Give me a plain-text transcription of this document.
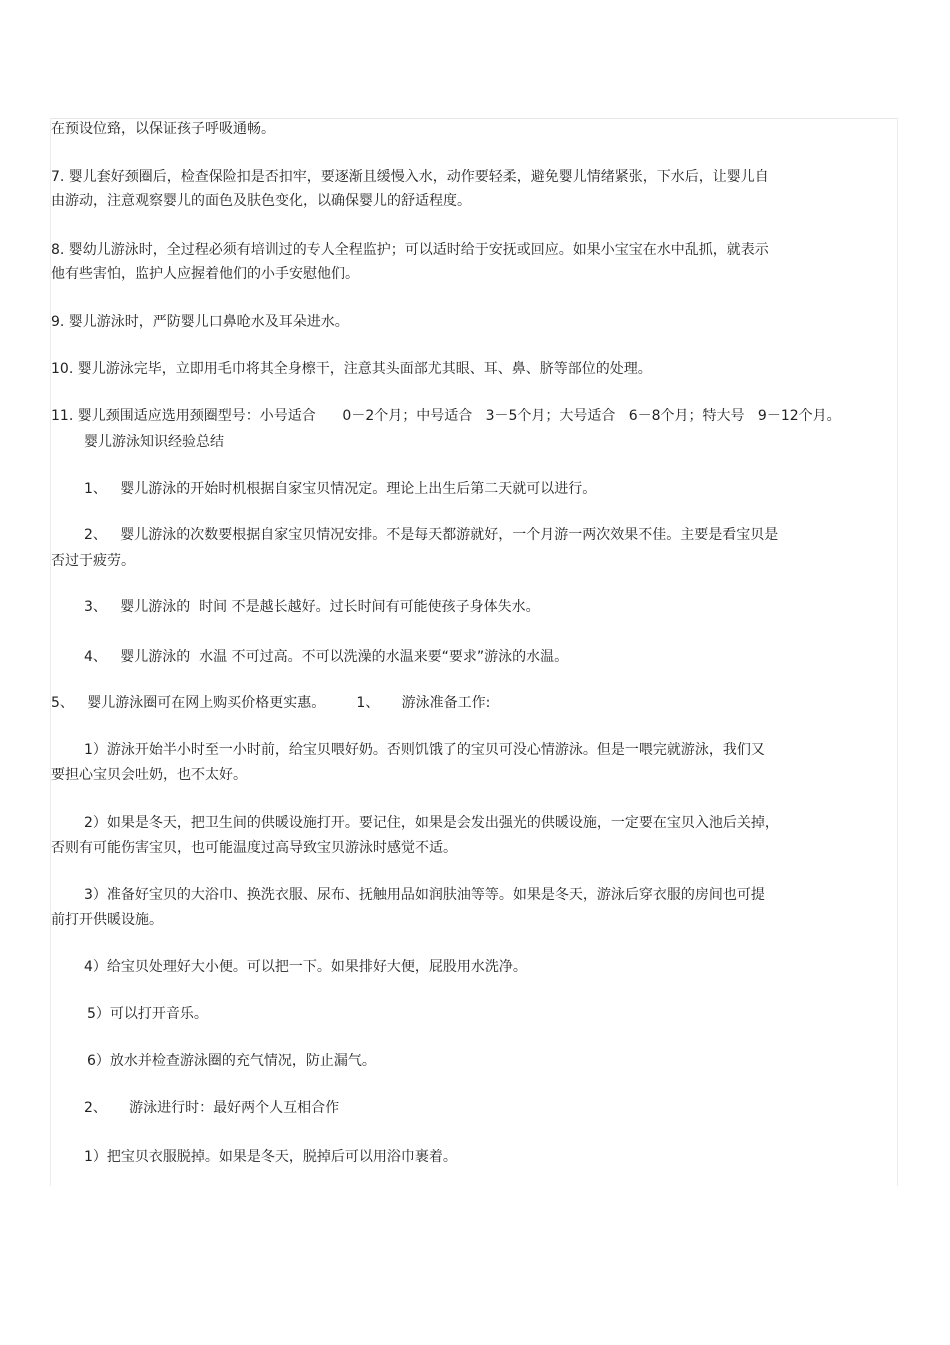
在预设位臵，以保证孩子呼吸通畅。
7. 婴儿套好颈圈后，检查保险扣是否扣牢，要逐渐且缓慢入水，动作要轻柔，避免婴儿情绪紧张，下水后，让婴儿自
由游动，注意观察婴儿的面色及肤色变化，以确保婴儿的舒适程度。
8. 婴幼儿游泳时，全过程必须有培训过的专人全程监护；可以适时给于安抚或回应。如果小宝宝在水中乱抓，就表示
他有些害怕，监护人应握着他们的小手安慰他们。
9. 婴儿游泳时，严防婴儿口鼻呛水及耳朵进水。
10. 婴儿游泳完毕，立即用毛巾将其全身檫干，注意其头面部尤其眼、耳、鼻、脐等部位的处理。
11. 婴儿颈围适应选用颈圈型号：小号适合      0－2个月；中号适合   3－5个月；大号适合   6－8个月；特大号   9－12个月。
婴儿游泳知识经验总结
1、   婴儿游泳的开始时机根据自家宝贝情况定。理论上出生后第二天就可以进行。
2、   婴儿游泳的次数要根据自家宝贝情况安排。不是每天都游就好，一个月游一两次效果不佳。主要是看宝贝是
否过于疲劳。
3、   婴儿游泳的  时间 不是越长越好。过长时间有可能使孩子身体失水。
4、   婴儿游泳的  水温 不可过高。不可以洗澡的水温来要“要求”游泳的水温。
5、   婴儿游泳圈可在网上购买价格更实惠。       1、     游泳准备工作:
1）游泳开始半小时至一小时前，给宝贝喂好奶。否则饥饿了的宝贝可没心情游泳。但是一喂完就游泳，我们又
要担心宝贝会吐奶，也不太好。
2）如果是冬天，把卫生间的供暖设施打开。要记住，如果是会发出强光的供暖设施，一定要在宝贝入池后关掉，
否则有可能伤害宝贝，也可能温度过高导致宝贝游泳时感觉不适。
3）准备好宝贝的大浴巾、换洗衣服、尿布、抚触用品如润肤油等等。如果是冬天，游泳后穿衣服的房间也可提
前打开供暖设施。
4）给宝贝处理好大小便。可以把一下。如果排好大便，屁股用水洗净。
5）可以打开音乐。
6）放水并检查游泳圈的充气情况，防止漏气。
2、     游泳进行时：最好两个人互相合作
1）把宝贝衣服脱掉。如果是冬天，脱掉后可以用浴巾裹着。
